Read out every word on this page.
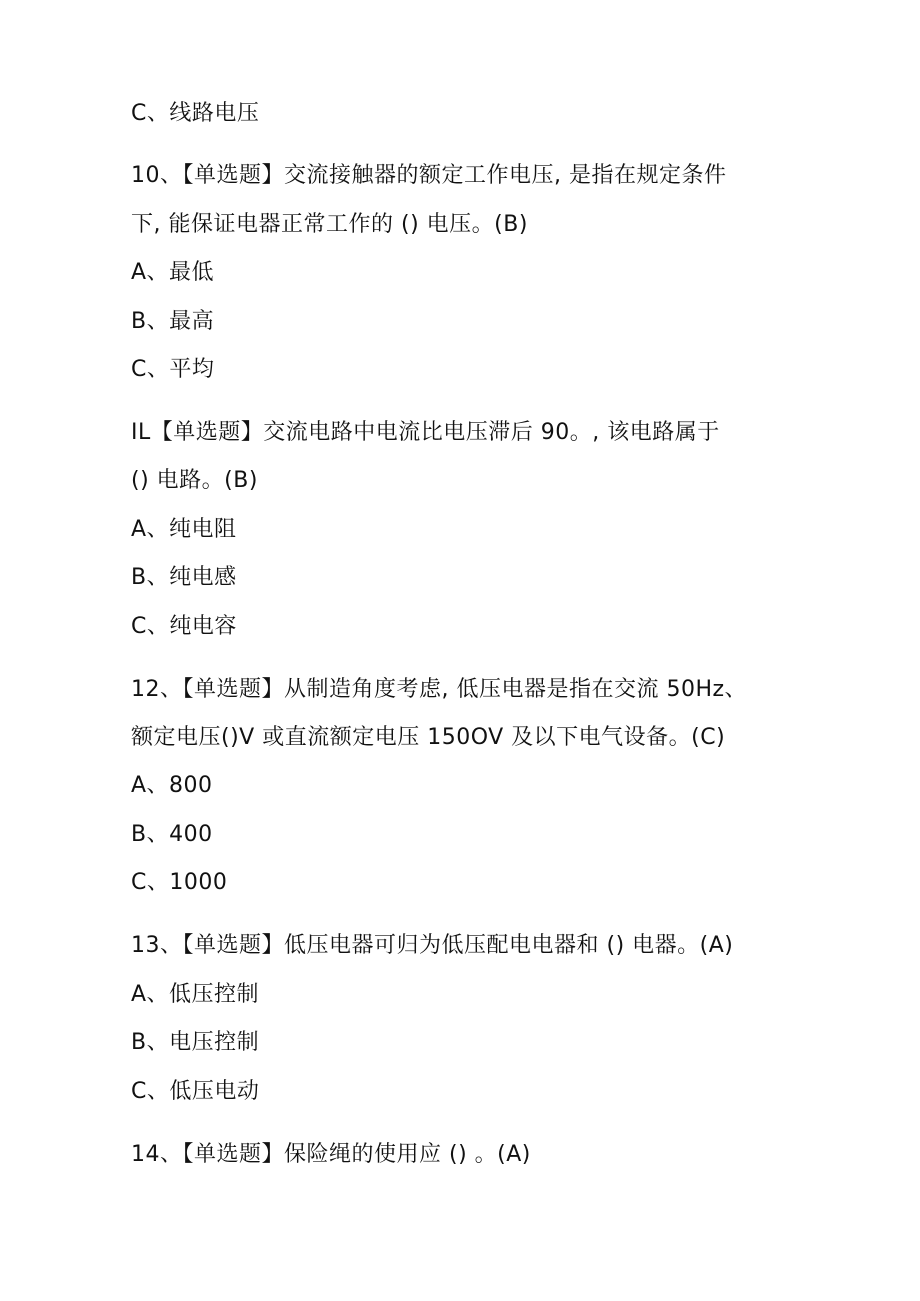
C、线路电压
10、【单选题】交流接触器的额定工作电压, 是指在规定条件
下, 能保证电器正常工作的 () 电压。(B)
A、最低
B、最高
C、平均
IL【单选题】交流电路中电流比电压滞后 90。, 该电路属于
() 电路。(B)
A、纯电阻
B、纯电感
C、纯电容
12、【单选题】从制造角度考虑, 低压电器是指在交流 50Hz、
额定电压()V 或直流额定电压 150OV 及以下电气设备。(C)
A、800
B、400
C、1000
13、【单选题】低压电器可归为低压配电电器和 () 电器。(A)
A、低压控制
B、电压控制
C、低压电动
14、【单选题】保险绳的使用应 () 。(A)
